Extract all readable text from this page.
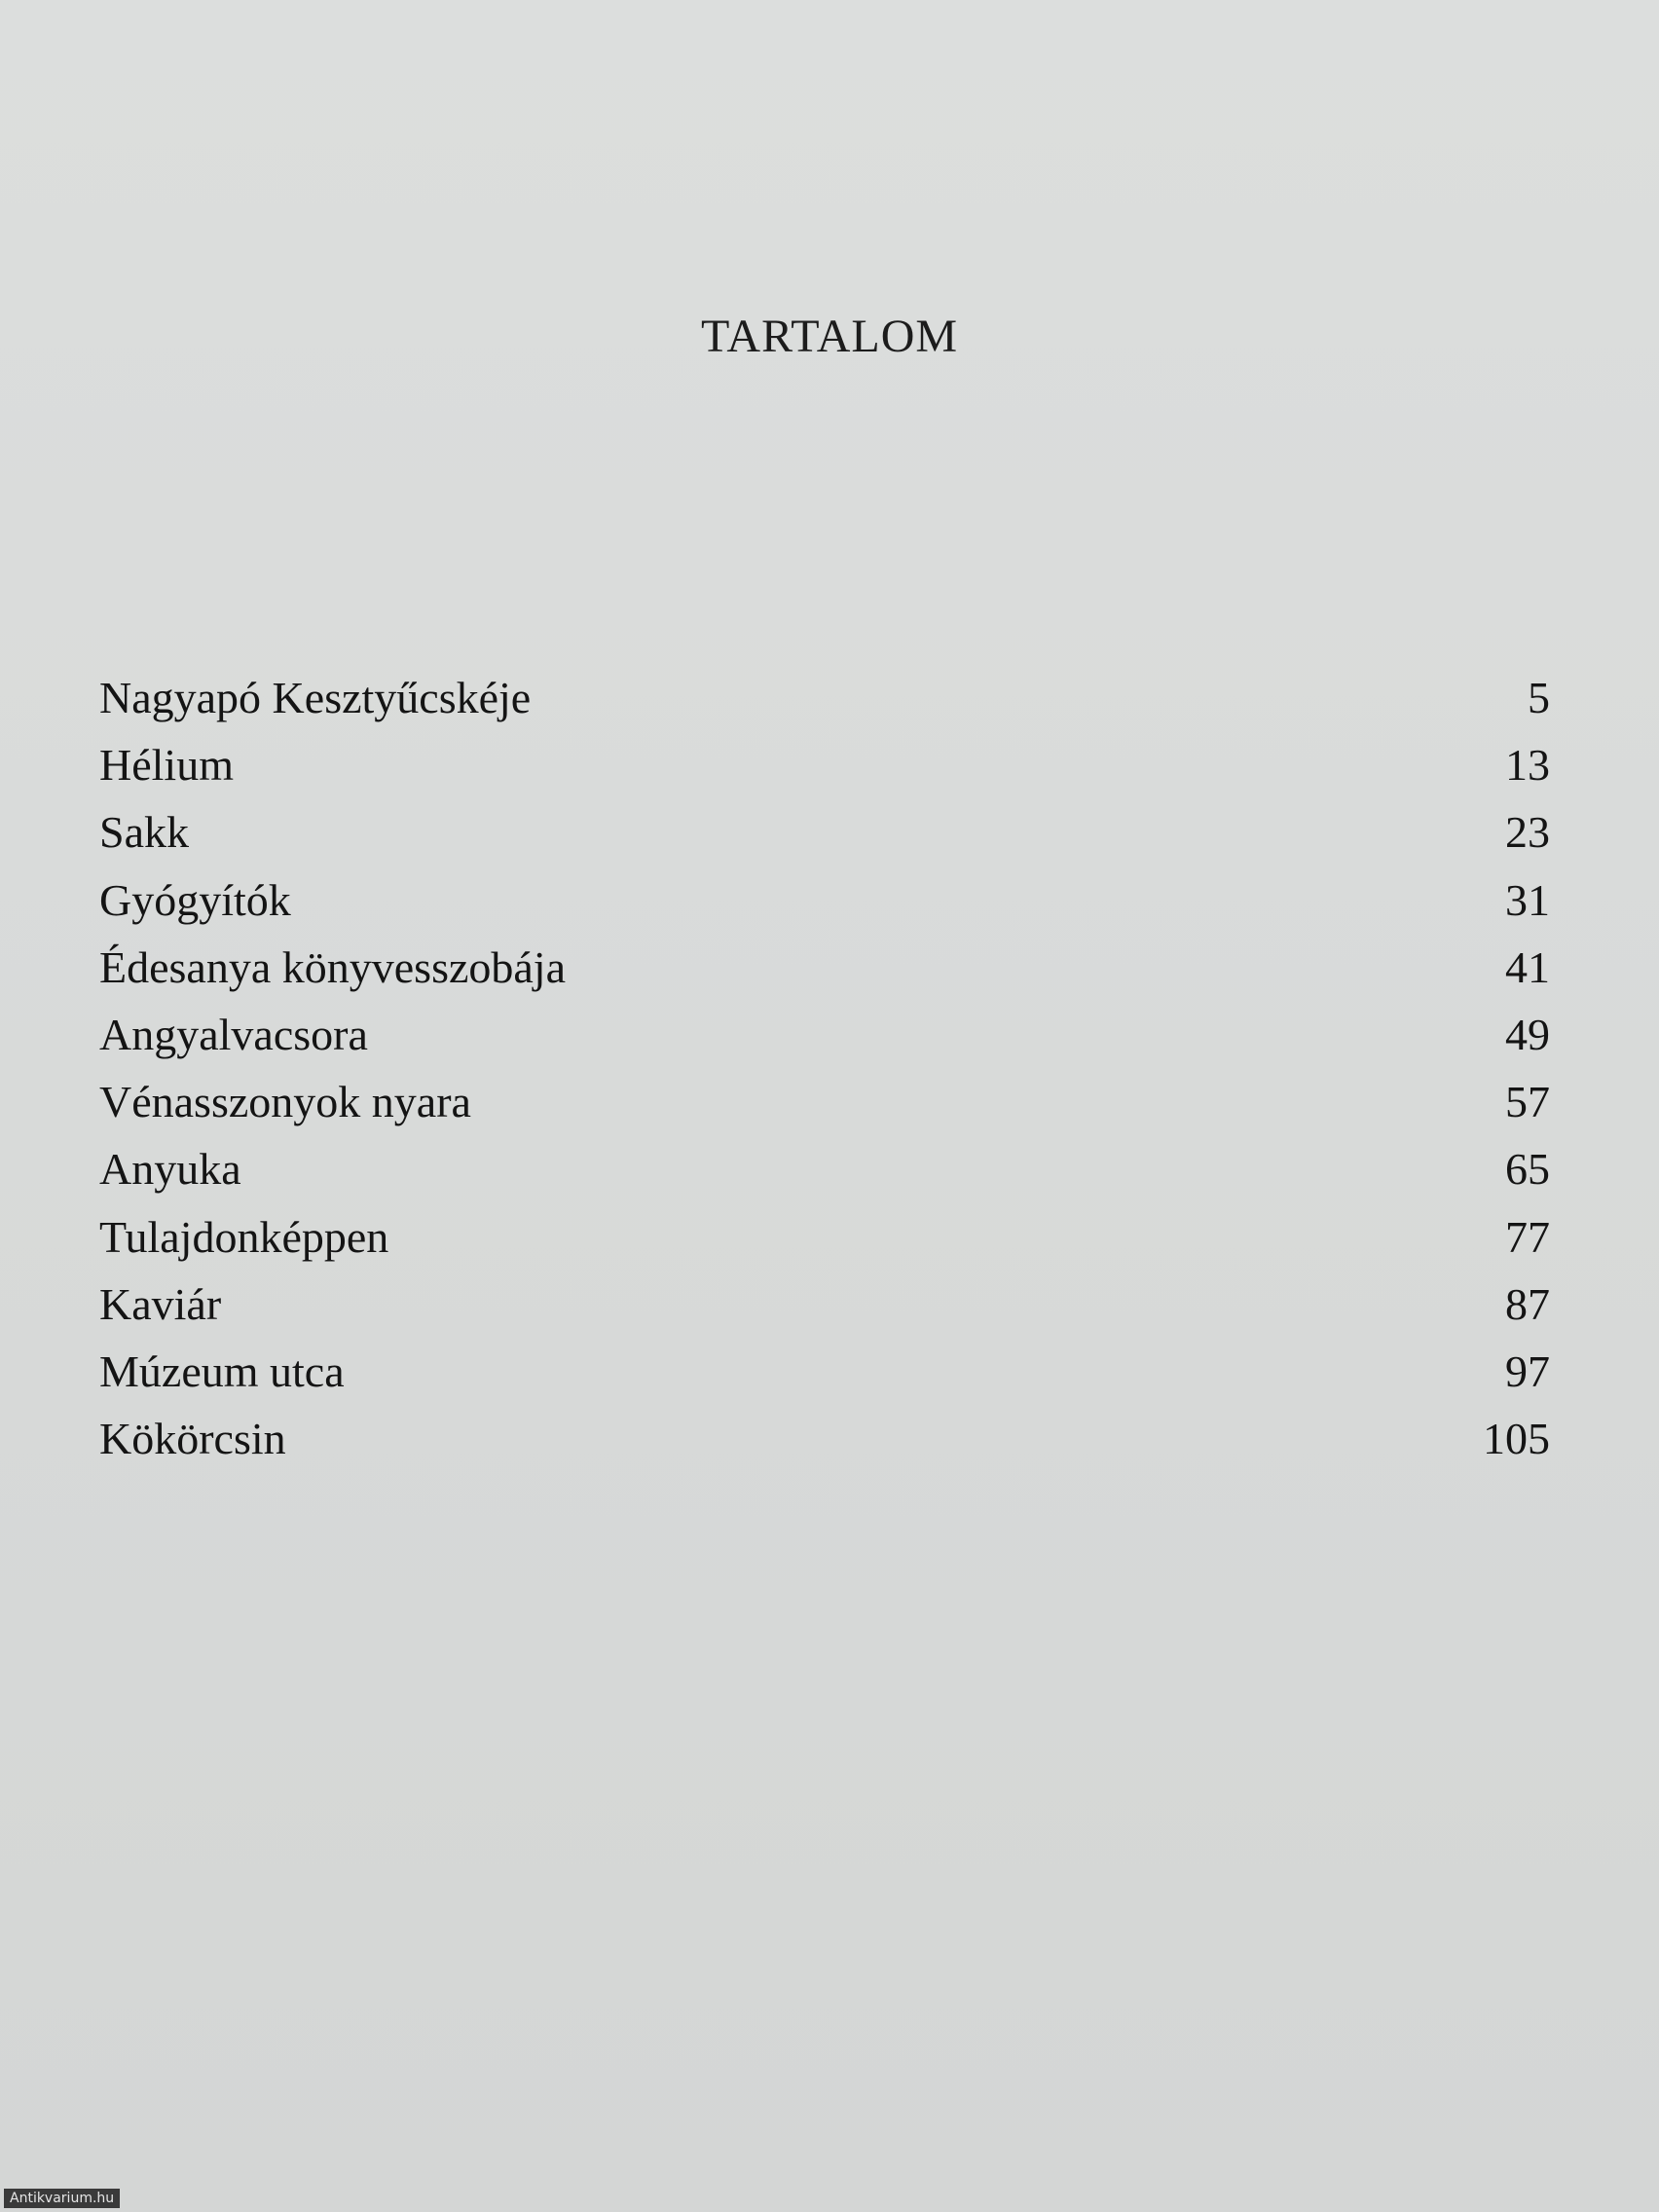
TARTALOM
Nagyapó Kesztyűcskéje	5
Hélium	13
Sakk	23
Gyógyítók	31
Édesanya könyvesszobája	41
Angyalvacsora	49
Vénasszonyok nyara	57
Anyuka	65
Tulajdonképpen	77
Kaviár	87
Múzeum utca	97
Kökörcsin	105
Antikvarium.hu
